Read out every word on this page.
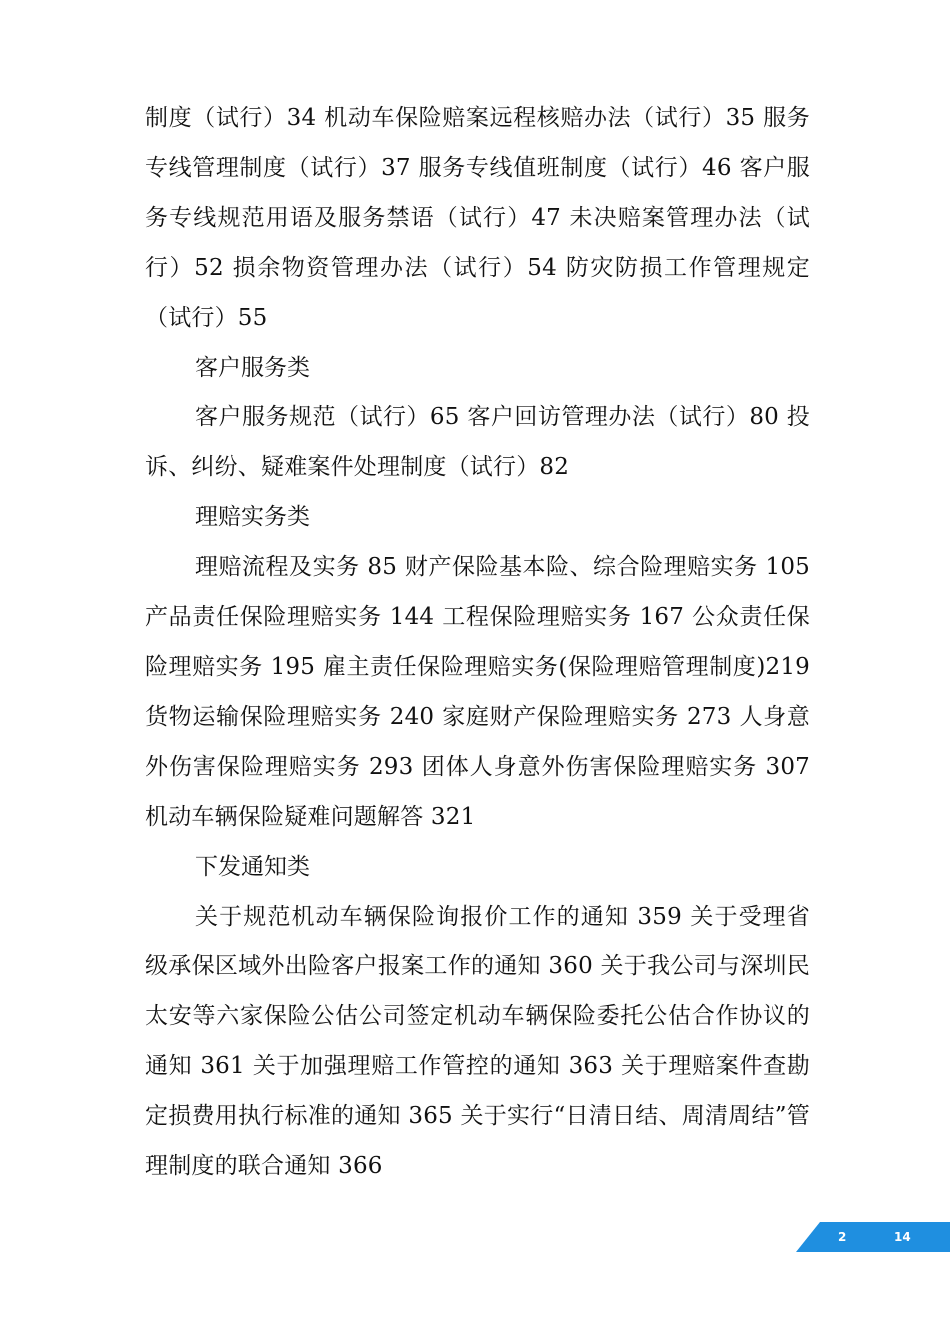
制度（试行）34 机动车保险赔案远程核赔办法（试行）35 服务专线管理制度（试行）37 服务专线值班制度（试行）46 客户服务专线规范用语及服务禁语（试行）47 未决赔案管理办法（试行）52 损余物资管理办法（试行）54 防灾防损工作管理规定（试行）55

客户服务类

客户服务规范（试行）65 客户回访管理办法（试行）80 投诉、纠纷、疑难案件处理制度（试行）82

理赔实务类

理赔流程及实务 85 财产保险基本险、综合险理赔实务 105 产品责任保险理赔实务 144 工程保险理赔实务 167 公众责任保险理赔实务 195 雇主责任保险理赔实务(保险理赔管理制度)219 货物运输保险理赔实务 240 家庭财产保险理赔实务 273 人身意外伤害保险理赔实务 293 团体人身意外伤害保险理赔实务 307 机动车辆保险疑难问题解答 321

下发通知类

关于规范机动车辆保险询报价工作的通知 359 关于受理省级承保区域外出险客户报案工作的通知 360 关于我公司与深圳民太安等六家保险公估公司签定机动车辆保险委托公估合作协议的通知 361 关于加强理赔工作管控的通知 363 关于理赔案件查勘定损费用执行标准的通知 365 关于实行“日清日结、周清周结”管理制度的联合通知 366

2	14
